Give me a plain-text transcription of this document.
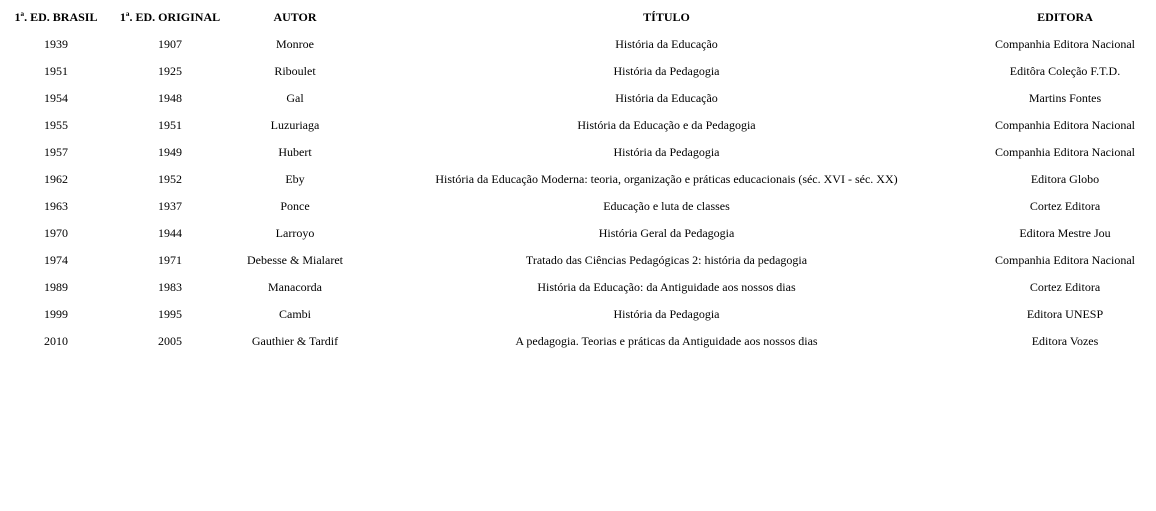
1ª. ED. BRASIL	1ª. ED. ORIGINAL	AUTOR	TÍTULO	EDITORA
1939	1907	Monroe	História da Educação	Companhia Editora Nacional
1951	1925	Riboulet	História da Pedagogia	Editôra Coleção F.T.D.
1954	1948	Gal	História da Educação	Martins Fontes
1955	1951	Luzuriaga	História da Educação e da Pedagogia	Companhia Editora Nacional
1957	1949	Hubert	História da Pedagogia	Companhia Editora Nacional
1962	1952	Eby	História da Educação Moderna: teoria, organização e práticas educacionais (séc. XVI - séc. XX)	Editora Globo
1963	1937	Ponce	Educação e luta de classes	Cortez Editora
1970	1944	Larroyo	História Geral da Pedagogia	Editora Mestre Jou
1974	1971	Debesse & Mialaret	Tratado das Ciências Pedagógicas 2: história da pedagogia	Companhia Editora Nacional
1989	1983	Manacorda	História da Educação: da Antiguidade aos nossos dias	Cortez Editora
1999	1995	Cambi	História da Pedagogia	Editora UNESP
2010	2005	Gauthier & Tardif	A pedagogia. Teorias e práticas da Antiguidade aos nossos dias	Editora Vozes
